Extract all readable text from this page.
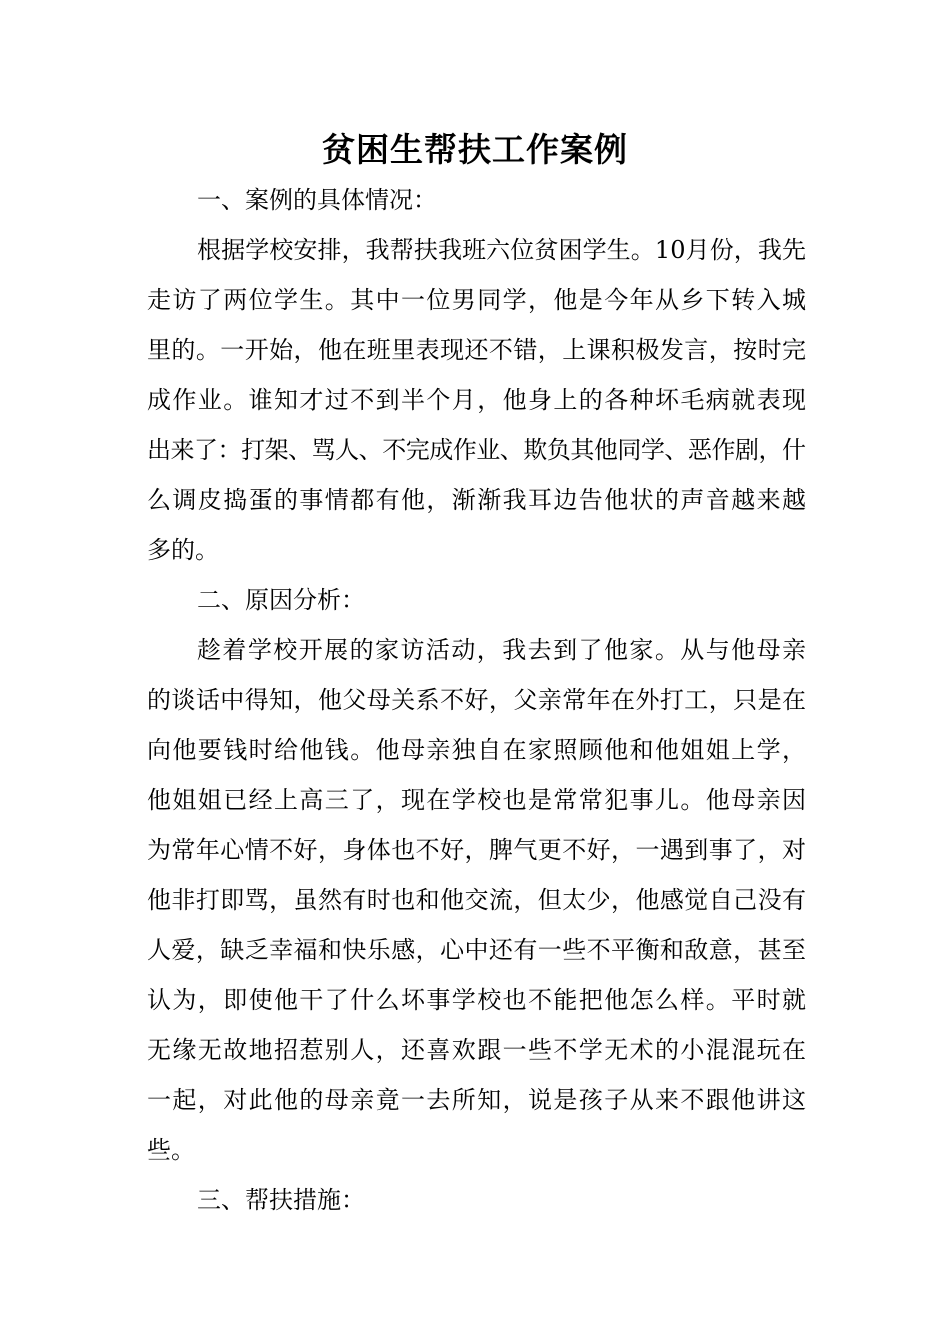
贫困生帮扶工作案例

一、案例的具体情况：

根据学校安排，我帮扶我班六位贫困学生。10月份，我先

走访了两位学生。其中一位男同学，他是今年从乡下转入城

里的。一开始，他在班里表现还不错，上课积极发言，按时完

成作业。谁知才过不到半个月，他身上的各种坏毛病就表现

出来了：打架、骂人、不完成作业、欺负其他同学、恶作剧，什

么调皮捣蛋的事情都有他，渐渐我耳边告他状的声音越来越

多的。

二、原因分析：

趁着学校开展的家访活动，我去到了他家。从与他母亲

的谈话中得知，他父母关系不好，父亲常年在外打工，只是在

向他要钱时给他钱。他母亲独自在家照顾他和他姐姐上学，

他姐姐已经上高三了，现在学校也是常常犯事儿。他母亲因

为常年心情不好，身体也不好，脾气更不好，一遇到事了，对

他非打即骂，虽然有时也和他交流，但太少，他感觉自己没有

人爱，缺乏幸福和快乐感，心中还有一些不平衡和敌意，甚至

认为，即使他干了什么坏事学校也不能把他怎么样。平时就

无缘无故地招惹别人，还喜欢跟一些不学无术的小混混玩在

一起，对此他的母亲竟一去所知，说是孩子从来不跟他讲这

些。

三、帮扶措施：
